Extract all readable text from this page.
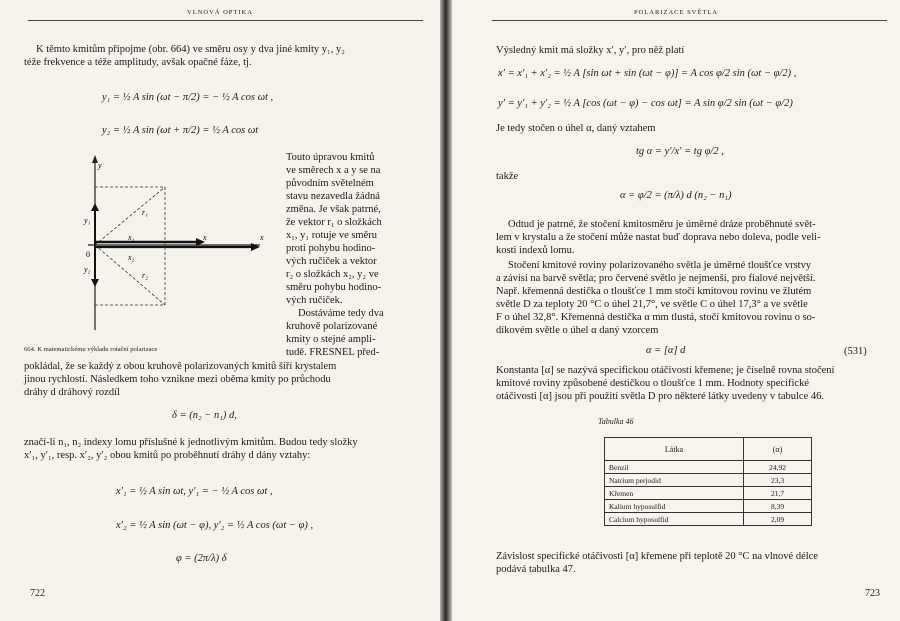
VLNOVÁ OPTIKA
K těmto kmitům připojme (obr. 664) ve směru osy y dva jiné kmity y₁, y₂
téže frekvence a téže amplitudy, avšak opačné fáze, tj.
y₁ = ½ A sin (ωt − π/2) = − ½ A cos ωt ,
y₂ = ½ A sin (ωt + π/2) = ½ A cos ωt
y
y₁
y₂
0
x₁
x₂
r₁
r₂
x	x
664. K matematickému výkladu rotační polarizace
Touto úpravou kmitů
ve směrech x a y se na
původním světelném
stavu nezavedla žádná
změna. Je však patrné,
že vektor r₁ o složkách
x₁, y₁ rotuje ve směru
proti pohybu hodino-
vých ručiček a vektor
r₂ o složkách x₂, y₂ ve
směru pohybu hodino-
vých ručiček.
Dostáváme tedy dva
kruhově polarizované
kmity o stejné ampli-
tudě. FRESNEL před-
pokládal, že se každý z obou kruhově polarizovaných kmitů šíří krystalem
jinou rychlostí. Následkem toho vznikne mezi oběma kmity po průchodu
dráhy d dráhový rozdíl
δ = (n₂ − n₁) d,
značí-li n₁, n₂ indexy lomu příslušné k jednotlivým kmitům. Budou tedy složky
x′₁, y′₁, resp. x′₂, y′₂ obou kmitů po proběhnutí dráhy d dány vztahy:
x′₁ = ½ A sin ωt, y′₁ = − ½ A cos ωt ,
x′₂ = ½ A sin (ωt − φ), y′₂ = ½ A cos (ωt − φ) ,
φ = (2π/λ) δ
722
POLARIZACE SVĚTLA
Výsledný kmit má složky x′, y′, pro něž platí
x′ = x′₁ + x′₂ = ½ A [sin ωt + sin (ωt − φ)] = A cos φ/2 sin (ωt − φ/2) ,
y′ = y′₁ + y′₂ = ½ A [cos (ωt − φ) − cos ωt] = A sin φ/2 sin (ωt − φ/2)
Je tedy stočen o úhel α, daný vztahem
tg α = y′/x′ = tg φ/2 ,
takže
α = φ/2 = (π/λ) d (n₂ − n₁)
Odtud je patrné, že stočení kmitosměru je úměrné dráze proběhnuté svět-
lem v krystalu a že stočení může nastat buď doprava nebo doleva, podle veli-
kosti indexů lomu.
Stočení kmitové roviny polarizovaného světla je úměrné tloušťce vrstvy
a závisí na barvě světla; pro červené světlo je nejmenší, pro fialové největší.
Např. křemenná destička o tloušťce 1 mm stočí kmitovou rovinu ve žlutém
světle D za teploty 20 °C o úhel 21,7°, ve světle C o úhel 17,3° a ve světle
F o úhel 32,8°. Křemenná destička α mm tlustá, stočí kmitovou rovinu o so-
díkovém světle o úhel α daný vzorcem
α = [α] d	(531)
Konstanta [α] se nazývá specifickou otáčivostí křemene; je číselně rovna stočení
kmitové roviny způsobené destičkou o tloušťce 1 mm. Hodnoty specifické
otáčivosti [α] jsou při použití světla D pro některé látky uvedeny v tabulce 46.
Tabulka 46
Látka	(α)
Benzil	24,92
Natrium perjodid	23,3
Křemen	21,7
Kalium hyposulfid	8,39
Calcium hyposulfid	2,09
Závislost specifické otáčivosti [α] křemene při teplotě 20 °C na vlnové délce
podává tabulka 47.
723
